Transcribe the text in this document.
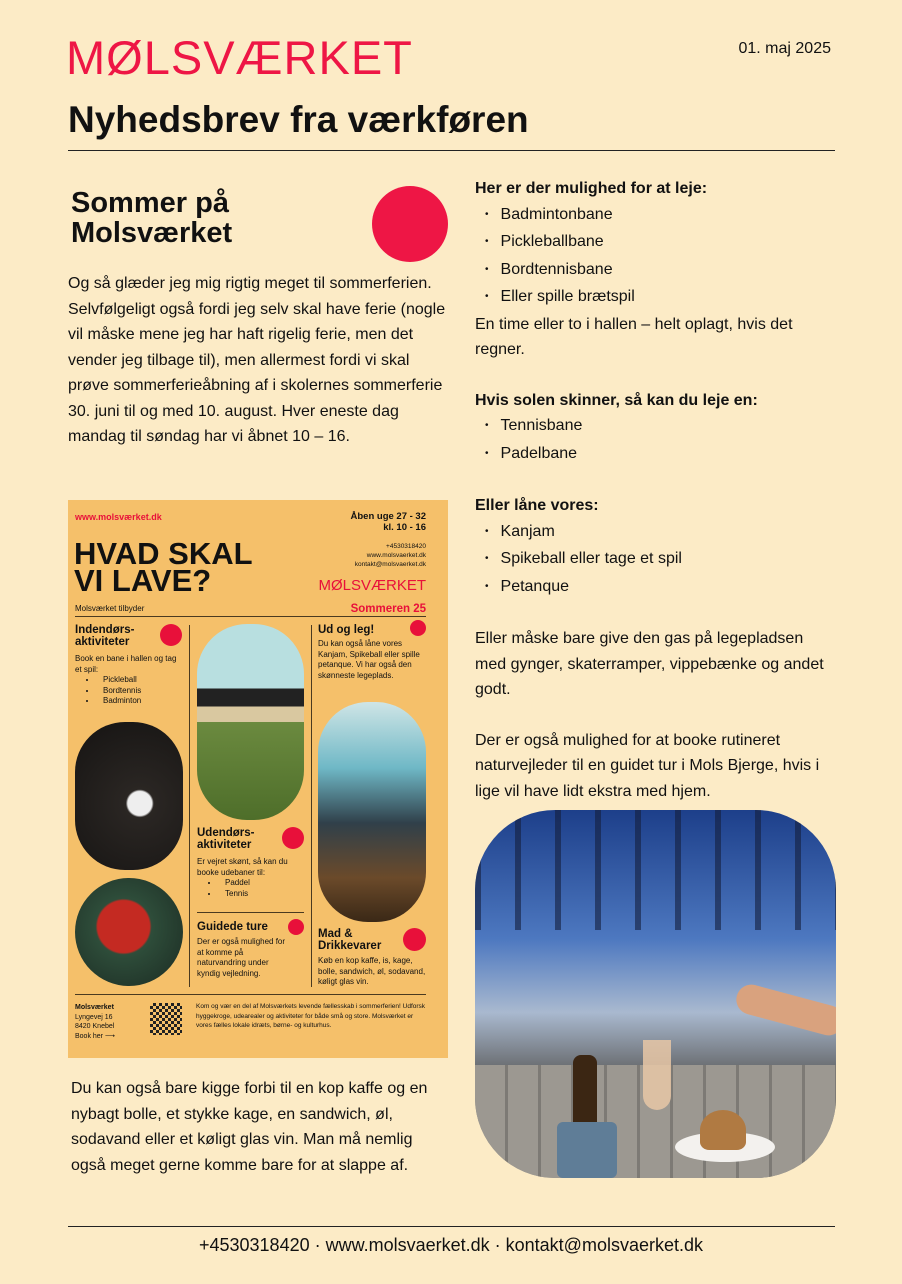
MØLSVÆRKET	01. maj 2025
Nyhedsbrev fra værkføren
Sommer på Molsværket

Og så glæder jeg mig rigtig meget til sommerferien. Selvfølgeligt også fordi jeg selv skal have ferie (nogle vil måske mene jeg har haft rigelig ferie, men det vender jeg tilbage til), men allermest fordi vi skal prøve sommerferieåbning af i skolernes sommerferie 30. juni til og med 10. august. Hver eneste dag mandag til søndag har vi åbnet 10 – 16.

www.molsværket.dk	Åben uge 27 - 32
kl. 10 - 16
HVAD SKAL
VI LAVE?
+4530318420
www.molsvaerket.dk
kontakt@molsvaerket.dk
MØLSVÆRKET
Molsværket tilbyder	Sommeren 25
Indendørs-aktiviteter
Book en bane i hallen og tag et spil:
• Pickleball
• Bordtennis
• Badminton
Udendørs-aktiviteter
Er vejret skønt, så kan du booke udebaner til:
• Paddel
• Tennis
Guidede ture
Der er også mulighed for at komme på naturvandring under kyndig vejledning.
Ud og leg!
Du kan også låne vores Kanjam, Spikeball eller spille petanque. Vi har også den skønneste legeplads.
Mad & Drikkevarer
Køb en kop kaffe, is, kage, bolle, sandwich, øl, sodavand, køligt glas vin.
Molsværket
Lyngevej 16
8420 Knebel
Book her ⟶
Kom og vær en del af Molsværkets levende fællesskab i sommerferien! Udforsk hyggekroge, udearealer og aktiviteter for både små og store. Molsværket er vores fælles lokale idræts, børne- og kulturhus.

Du kan også bare kigge forbi til en kop kaffe og en nybagt bolle, et stykke kage, en sandwich, øl, sodavand eller et køligt glas vin. Man må nemlig også meget gerne komme bare for at slappe af.

Her er der mulighed for at leje:
• Badmintonbane
• Pickleballbane
• Bordtennisbane
• Eller spille brætspil
En time eller to i hallen – helt oplagt, hvis det regner.
Hvis solen skinner, så kan du leje en:
• Tennisbane
• Padelbane
Eller låne vores:
• Kanjam
• Spikeball eller tage et spil
• Petanque
Eller måske bare give den gas på legepladsen med gynger, skaterramper, vippebænke og andet godt.
Der er også mulighed for at booke rutineret naturvejleder til en guidet tur i Mols Bjerge, hvis i lige vil have lidt ekstra med hjem.
+4530318420 · www.molsvaerket.dk · kontakt@molsvaerket.dk
